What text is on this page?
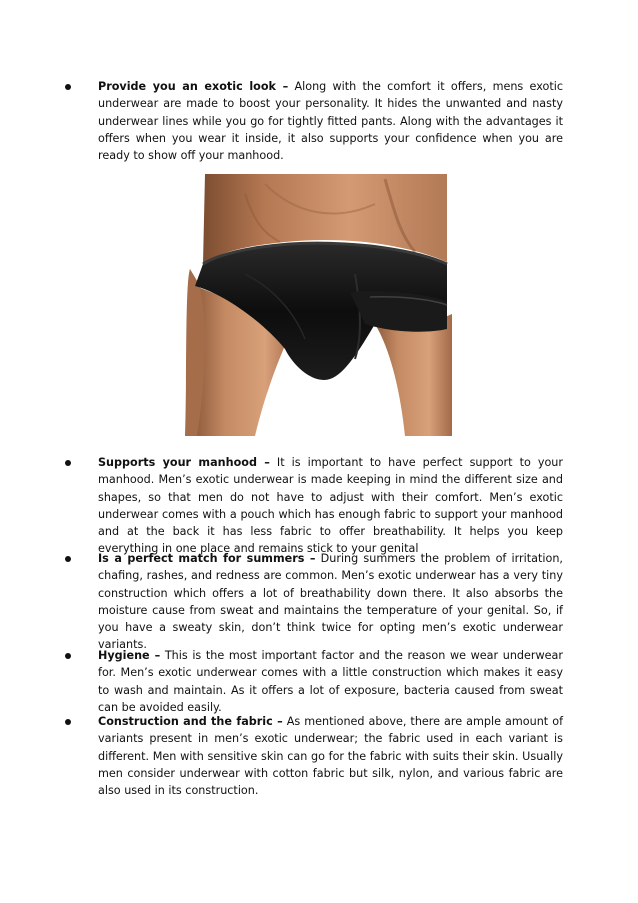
Provide you an exotic look – Along with the comfort it offers, mens exotic underwear are made to boost your personality. It hides the unwanted and nasty underwear lines while you go for tightly fitted pants. Along with the advantages it offers when you wear it inside, it also supports your confidence when you are ready to show off your manhood.
Supports your manhood – It is important to have perfect support to your manhood. Men’s exotic underwear is made keeping in mind the different size and shapes, so that men do not have to adjust with their comfort. Men’s exotic underwear comes with a pouch which has enough fabric to support your manhood and at the back it has less fabric to offer breathability. It helps you keep everything in one place and remains stick to your genital
Is a perfect match for summers – During summers the problem of irritation, chafing, rashes, and redness are common. Men’s exotic underwear has a very tiny construction which offers a lot of breathability down there. It also absorbs the moisture cause from sweat and maintains the temperature of your genital. So, if you have a sweaty skin, don’t think twice for opting men’s exotic underwear variants.
Hygiene – This is the most important factor and the reason we wear underwear for. Men’s exotic underwear comes with a little construction which makes it easy to wash and maintain. As it offers a lot of exposure, bacteria caused from sweat can be avoided easily.
Construction and the fabric – As mentioned above, there are ample amount of variants present in men’s exotic underwear; the fabric used in each variant is different. Men with sensitive skin can go for the fabric with suits their skin. Usually men consider underwear with cotton fabric but silk, nylon, and various fabric are also used in its construction.
